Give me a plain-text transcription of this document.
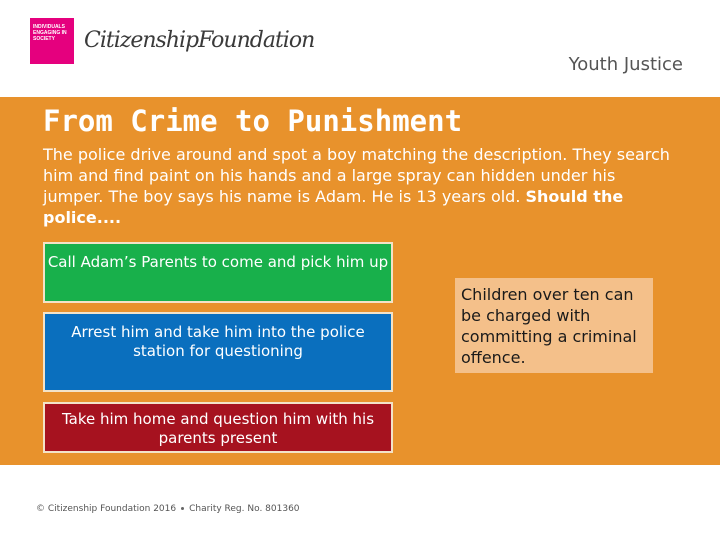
INDIVIDUALS
ENGAGING IN
SOCIETY	CitizenshipFoundation
Youth Justice
From Crime to Punishment
The police drive around and spot a boy matching the description. They search him and find paint on his hands and a large spray can hidden under his jumper. The boy says his name is Adam. He is 13 years old. Should the police....
Call Adam’s Parents to come and pick him up
Arrest him and take him into the police station for questioning
Take him home and question him with his parents present
Children over ten can be charged with committing a criminal offence.
© Citizenship Foundation 2016 Charity Reg. No. 801360
